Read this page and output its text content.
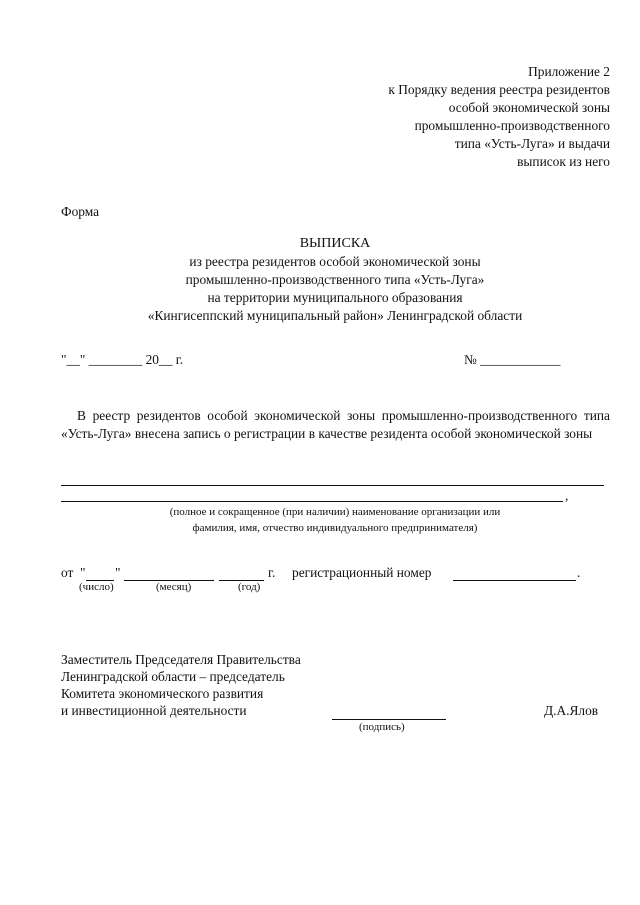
Приложение 2
к Порядку ведения реестра резидентов
особой экономической зоны
промышленно-производственного
типа «Усть-Луга» и выдачи
выписок из него
Форма
ВЫПИСКА
из реестра резидентов особой экономической зоны
промышленно-производственного типа «Усть-Луга»
на территории муниципального образования
«Кингисеппский муниципальный район» Ленинградской области
"__" ________ 20__ г.	№ ____________
В реестр резидентов особой экономической зоны промышленно-производственного типа «Усть-Луга» внесена запись о регистрации в качестве резидента особой экономической зоны
,
(полное и сокращенное (при наличии) наименование организации или
фамилия, имя, отчество индивидуального предпринимателя)
от " "	г. регистрационный номер	.
(число)	(месяц)	(год)
Заместитель Председателя Правительства
Ленинградской области – председатель
Комитета экономического развития
и инвестиционной деятельности
(подпись)
Д.А.Ялов
